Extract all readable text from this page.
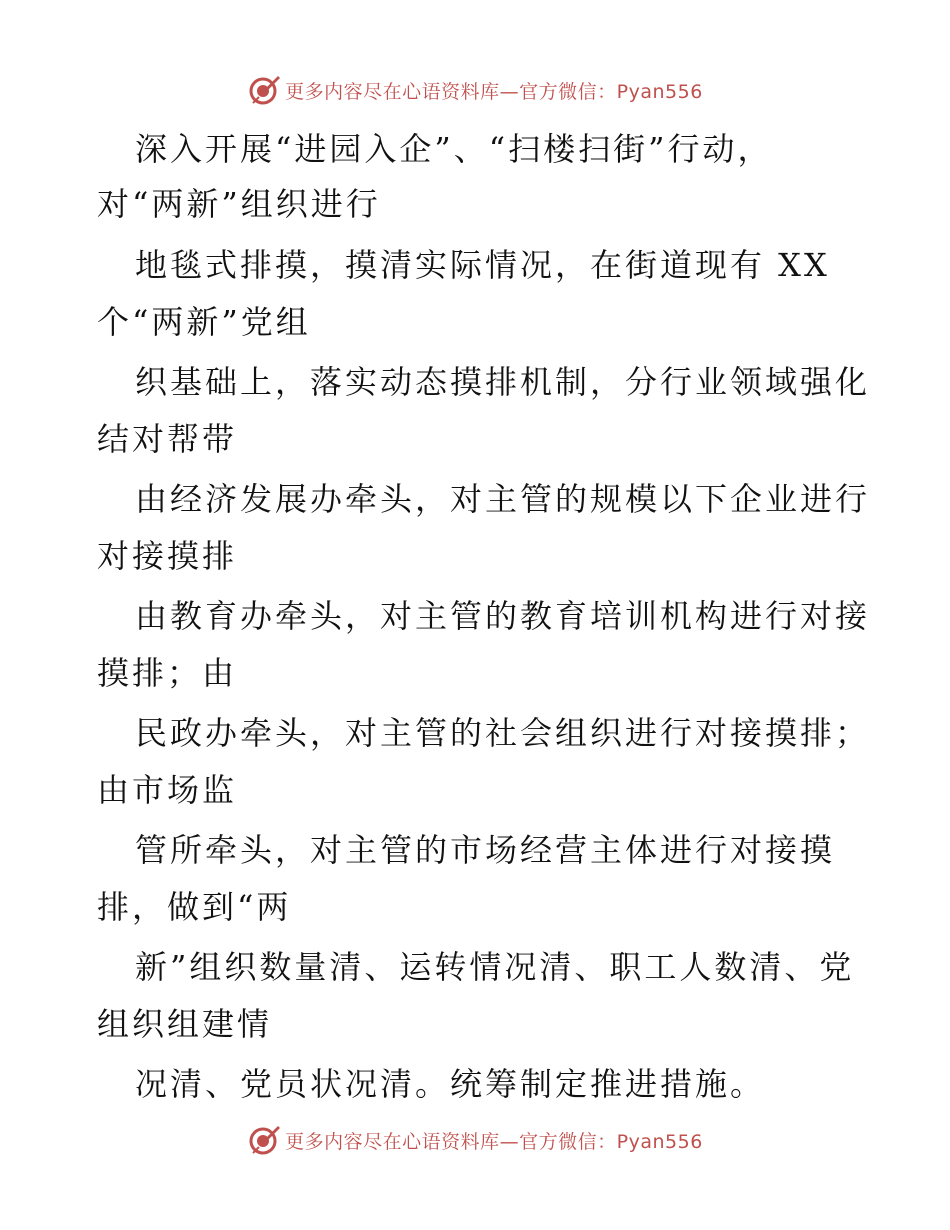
更多内容尽在心语资料库—官方微信：Pyan556
深入开展“进园入企”、“扫楼扫街”行动，
对“两新”组织进行
地毯式排摸，摸清实际情况，在街道现有 XX
个“两新”党组
织基础上，落实动态摸排机制，分行业领域强化
结对帮带
由经济发展办牵头，对主管的规模以下企业进行
对接摸排
由教育办牵头，对主管的教育培训机构进行对接
摸排；由
民政办牵头，对主管的社会组织进行对接摸排；
由市场监
管所牵头，对主管的市场经营主体进行对接摸
排，做到“两
新”组织数量清、运转情况清、职工人数清、党
组织组建情
况清、党员状况清。统筹制定推进措施。
更多内容尽在心语资料库—官方微信：Pyan556
